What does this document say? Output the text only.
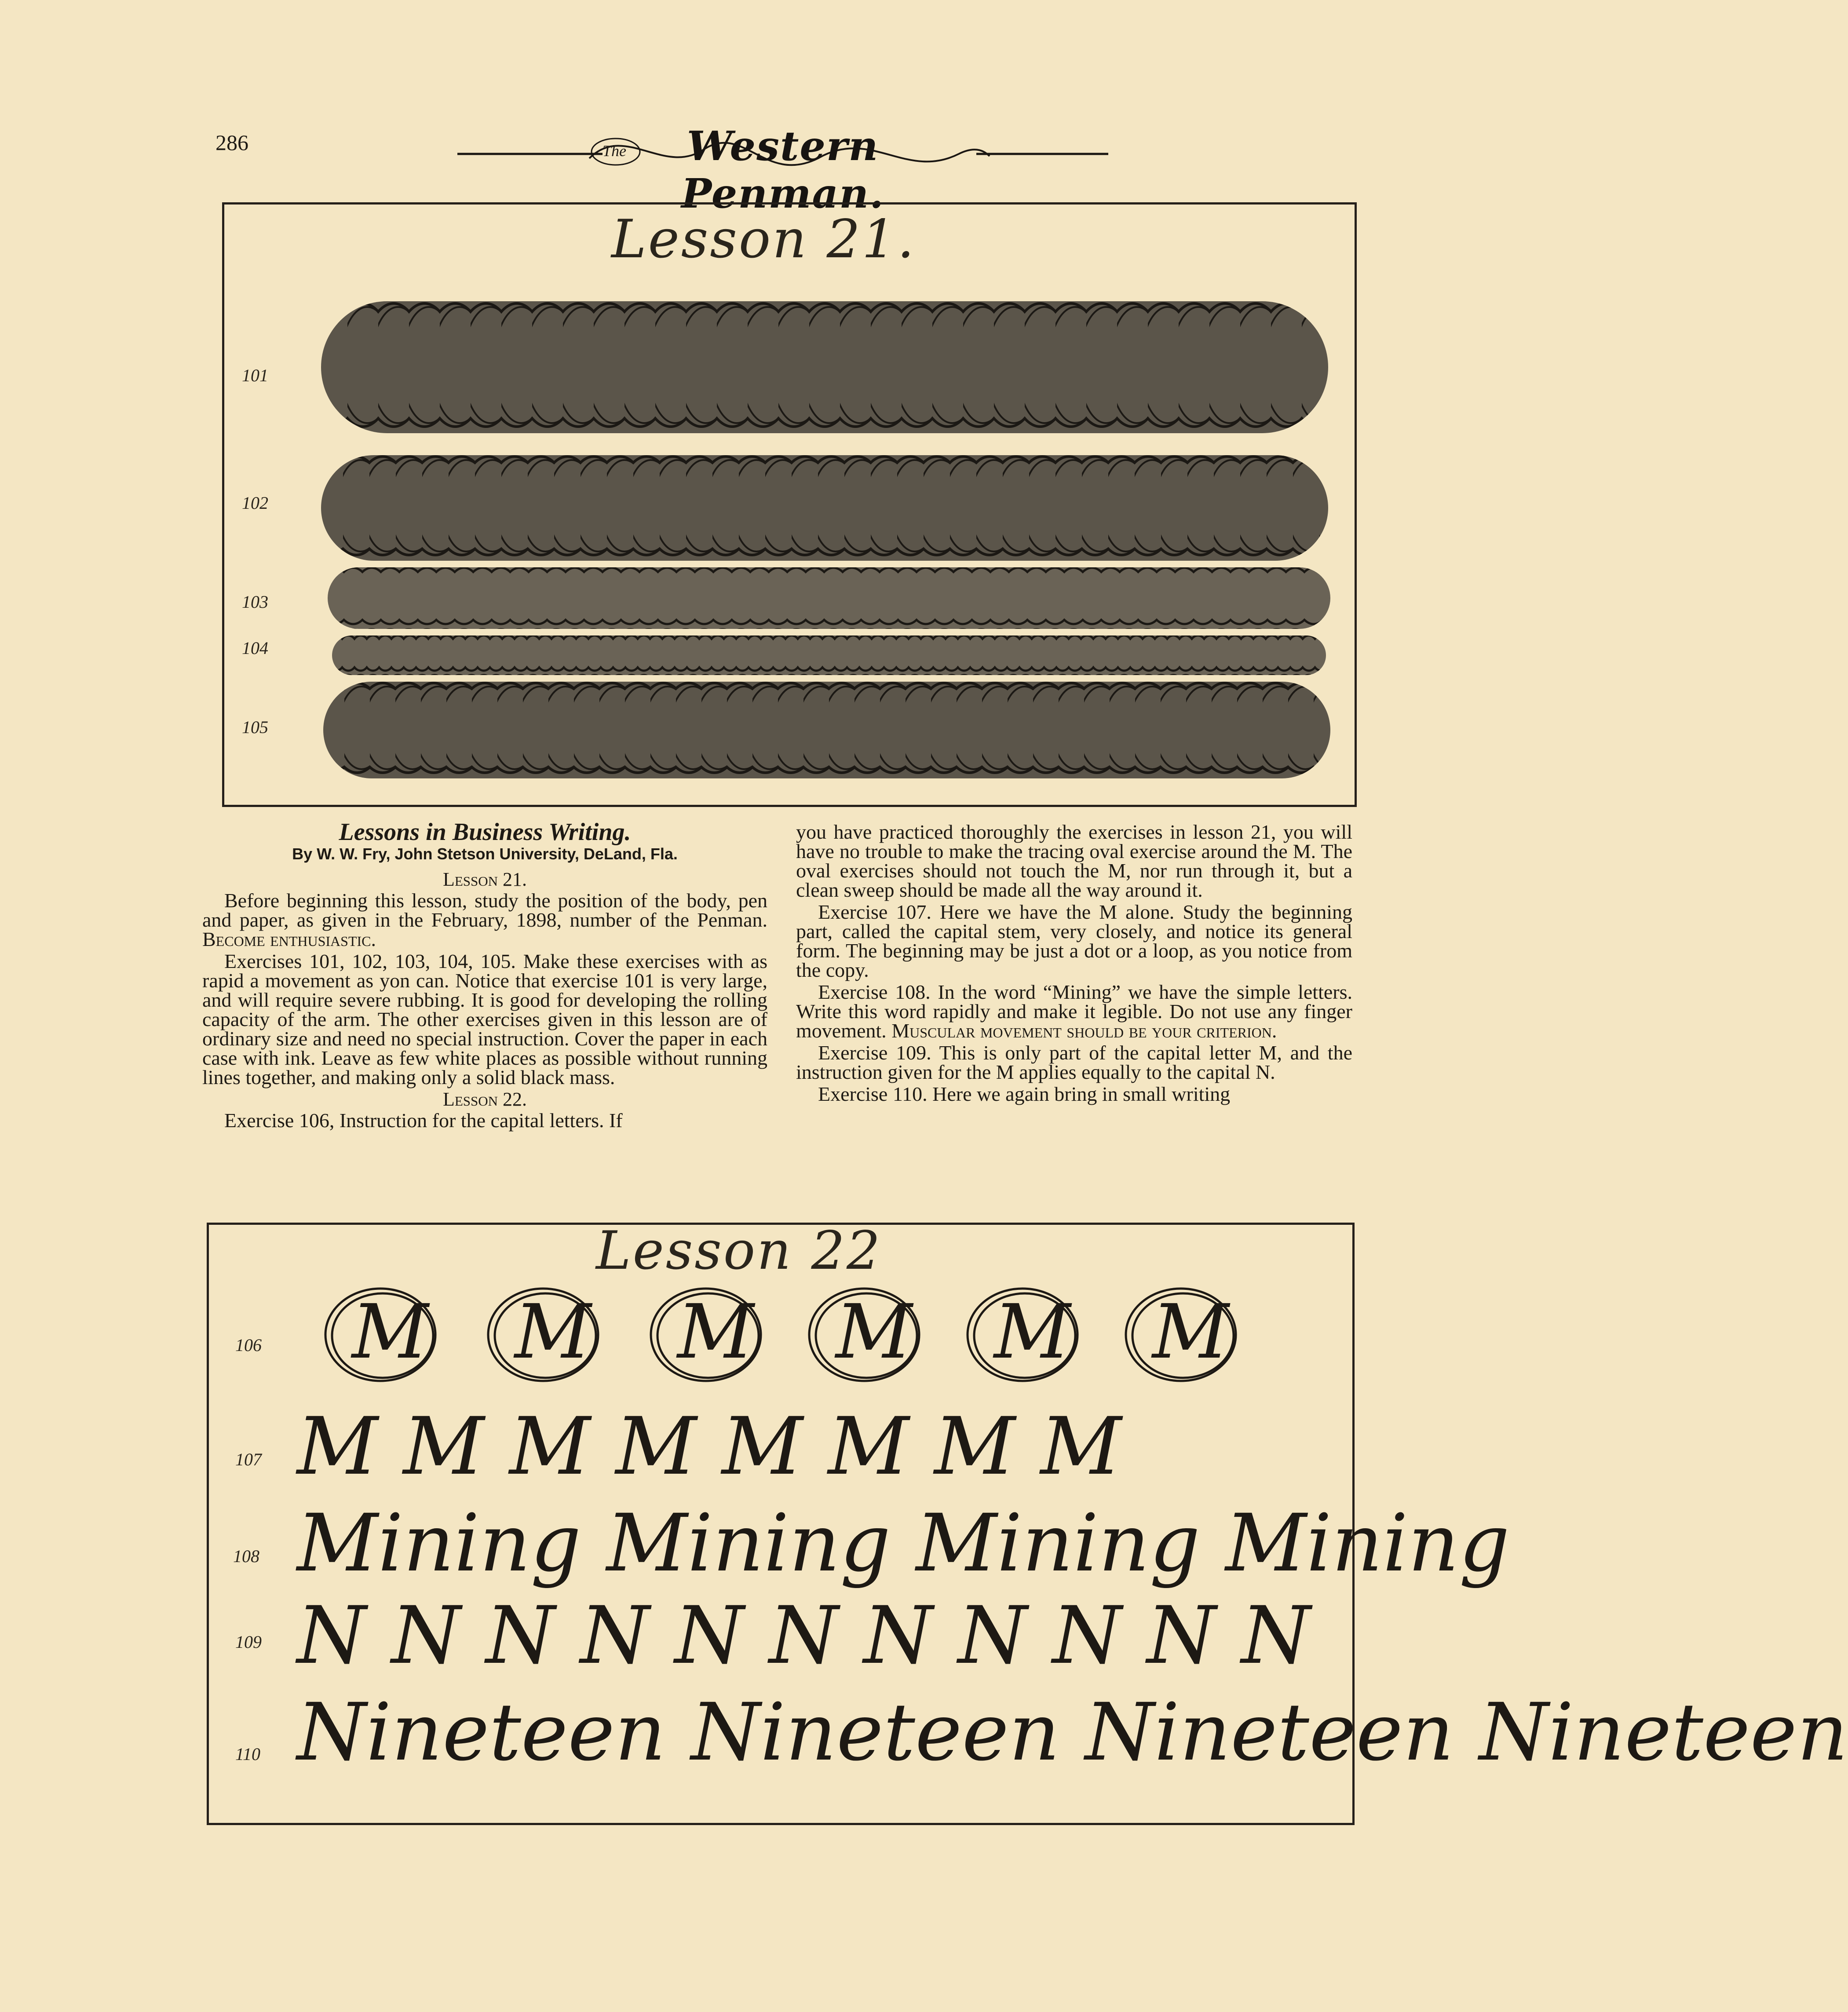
286	The	Western Penman.
Lesson 21.
101
102
103
104
105

Lessons in Business Writing.

By W. W. Fry, John Stetson University, DeLand, Fla.
Lesson 21.

Before beginning this lesson, study the position of the body, pen and paper, as given in the February, 1898, number of the Penman. Become enthusiastic.

Exercises 101, 102, 103, 104, 105. Make these exercises with as rapid a movement as yon can. Notice that exercise 101 is very large, and will require severe rubbing. It is good for developing the rolling capacity of the arm. The other exercises given in this lesson are of ordinary size and need no special instruction. Cover the paper in each case with ink. Leave as few white places as possible without running lines together, and making only a solid black mass.

Lesson 22.

Exercise 106, Instruction for the capital letters. If

you have practiced thoroughly the exercises in lesson 21, you will have no trouble to make the tracing oval exercise around the M. The oval exercises should not touch the M, nor run through it, but a clean sweep should be made all the way around it.

Exercise 107. Here we have the M alone. Study the beginning part, called the capital stem, very closely, and notice its general form. The beginning may be just a dot or a loop, as you notice from the copy.

Exercise 108. In the word “Mining” we have the simple letters. Write this word rapidly and make it legible. Do not use any finger movement. Muscular movement should be your criterion.

Exercise 109. This is only part of the capital letter M, and the instruction given for the M applies equally to the capital N.

Exercise 110. Here we again bring in small writing

Lesson 22
106
107
108
109
110
M M M M M M
M M M M M M M M
Mining Mining Mining Mining
N N N N N N N N N N N
Nineteen Nineteen Nineteen Nineteen
